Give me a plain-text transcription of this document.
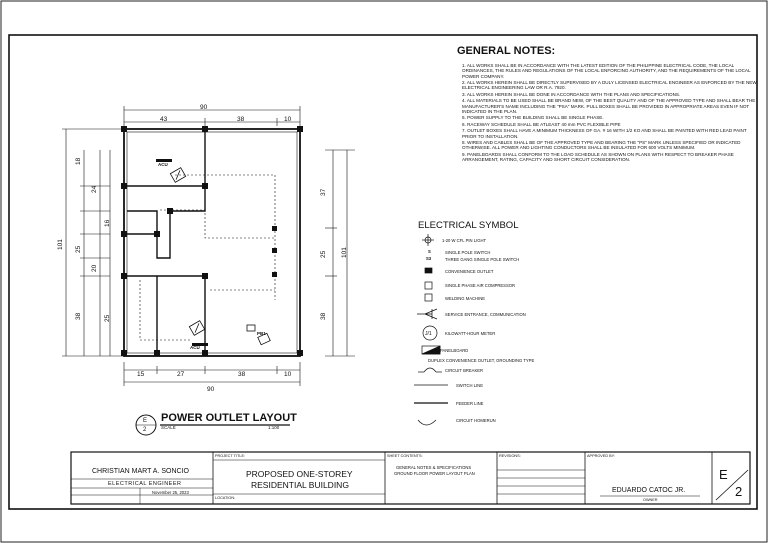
GENERAL NOTES:
1. ALL WORKS SHALL BE IN ACCORDANCE WITH THE LATEST EDITION OF THE PHILIPPINE ELECTRICAL CODE, THE LOCAL ORDINANCES, THE RULES AND REGULATIONS OF THE LOCAL ENFORCING AUTHORITY, AND THE REQUIREMENTS OF THE LOCAL POWER COMPANY.
2. ALL WORKS HEREIN SHALL BE DIRECTLY SUPERVISED BY A DULY LICENSED ELECTRICAL ENGINEER AS ENFORCED BY THE NEW ELECTRICAL ENGINEERING LAW OR R.A. 7920.
3. ALL WORKS HEREIN SHALL BE DONE IN ACCORDANCE WITH THE PLANS AND SPECIFICATIONS.
4. ALL MATERIALS TO BE USED SHALL BE BRAND NEW, OF THE BEST QUALITY AND OF THE APPROVED TYPE AND SHALL BEAR THE MANUFACTURER'S NAME INCLUDING THE "PSA" MARK. PULL BOXES SHALL BE PROVIDED IN APPROPRIATE AREAS EVEN IF NOT INDICATED IN THE PLAN.
5. POWER SUPPLY TO THE BUILDING SHALL BE SINGLE PHASE.
6. RACEWAY SCHEDULE SHALL BE ATLEAST 40 mm PVC FLEXIBLE PIPE
7. OUTLET BOXES SHALL HAVE A MINIMUM THICKNESS OF GA. # 16 WITH 1/2 KO AND SHALL BE PAINTED WITH RED LEAD PAINT PRIOR TO INSTALLATION.
8. WIRES AND CABLES SHALL BE OF THE APPROVED TYPE AND BEARING THE "PS" MARK UNLESS SPECIFIED OR INDICATED OTHERWISE. ALL POWER AND LIGHTING CONDUCTORS SHALL BE INSULATED FOR 600 VOLTS MINIMUM.
9. PANELBOARDS SHALL CONFORM TO THE LOAD SCHEDULE AS SHOWN ON PLANS WITH RESPECT TO BREAKER PHASE ARRANGEMENT, RATING, CAPACITY AND SHORT CIRCUIT CONSIDERATION.
ELECTRICAL SYMBOL
1-20 W CFL PIN LIGHT
S	SINGLE POLE SWITCH
S3	THREE GANG SINGLE POLE SWITCH
CONVENIENCE OUTLET
SINGLE PHASE AIR COMPRESSOR
WELDING MACHINE
SERVICE ENTRANCE, COMMUNICATION
J/1	KILOWATT-HOUR METER
PANELBOARD
DUPLEX CONVENIENCE OUTLET, GROUNDING TYPE
CIRCUIT BREAKER
SWITCH LINE
FEEDER LINE
CIRCUIT HOMERUN
POWER OUTLET LAYOUT
SCALE	1:100
E
2
ACU
ACU
PB1
90
43	38	10
15	27	38	10
90
101
18
24
16
25
20
38	25
37
25
38
101
CHRISTIAN MART A. SONCIO
ELECTRICAL ENGINEER
November 25, 2023
PROJECT TITLE:
PROPOSED ONE-STOREY
RESIDENTIAL BUILDING
LOCATION:
SHEET CONTENTS:
GENERAL NOTES & SPECIFICATIONS
GROUND FLOOR POWER LAYOUT PLAN
REVISIONS:	APPROVED BY:
EDUARDO CATOC JR.
OWNER
E
2
